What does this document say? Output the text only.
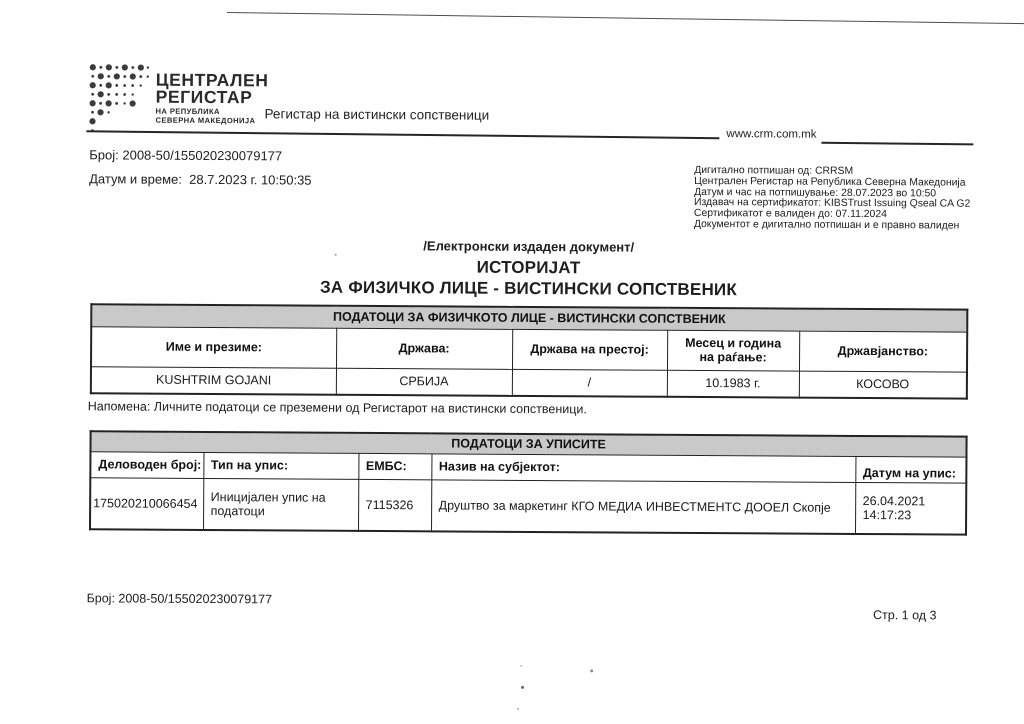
ЦЕНТРАЛЕН
РЕГИСТАР
НА РЕПУБЛИКА
СЕВЕРНА МАКЕДОНИЈА Регистар на вистински сопственици
www.crm.com.mk
Број: 2008-50/155020230079177
Датум и време:  28.7.2023 г. 10:50:35
Дигитално потпишан од: CRRSM
Централен Регистар на Република Северна Македонија
Датум и час на потпишување: 28.07.2023 во 10:50
Издавач на сертификатот: KIBSTrust Issuing Qseal CA G2
Сертификатот е валиден до: 07.11.2024
Документот е дигитално потпишан и е правно валиден
/Електронски издаден документ/
ИСТОРИЈАТ
ЗА ФИЗИЧКО ЛИЦЕ - ВИСТИНСКИ СОПСТВЕНИК
ПОДАТОЦИ ЗА ФИЗИЧКОТО ЛИЦЕ - ВИСТИНСКИ СОПСТВЕНИК				
Име и презиме:	Држава:	Држава на престој:	Месец и година на раѓање:	Државјанство:
KUSHTRIM GOJANI	СРБИЈА	/	10.1983 г.	КОСОВО
Напомена: Личните податоци се преземени од Регистарот на вистински сопственици.
ПОДАТОЦИ ЗА УПИСИТЕ				
Деловоден број:	Тип на упис:	ЕМБС:	Назив на субјектот:	Датум на упис:
175020210066454	Иницијален упис на податоци	7115326	Друштво за маркетинг КГО МЕДИА ИНВЕСТМЕНТС ДООЕЛ Скопје	26.04.2021
14:17:23
Број: 2008-50/155020230079177
Стр. 1 од 3
